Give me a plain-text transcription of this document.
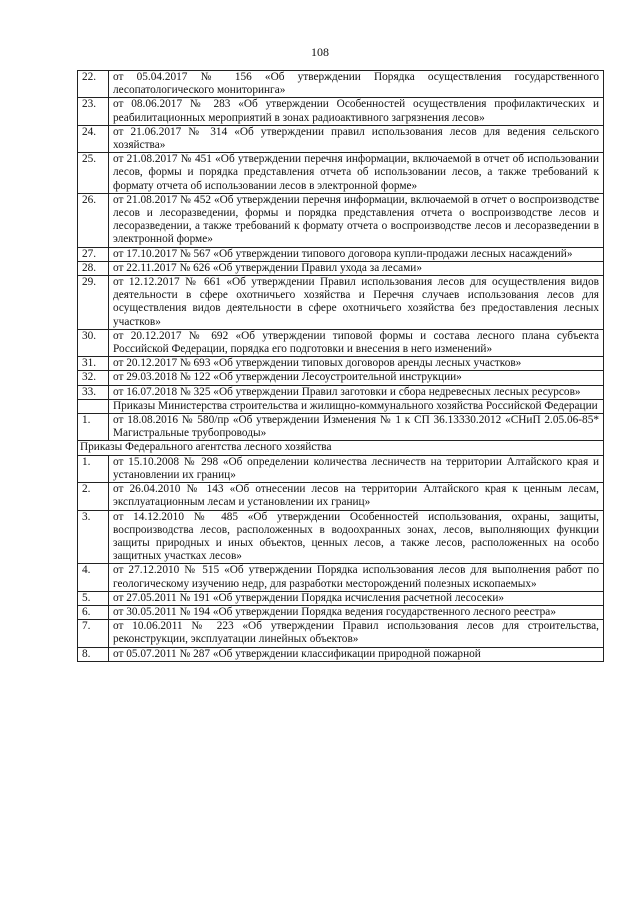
108
22.	от 05.04.2017 № 156 «Об утверждении Порядка осуществления государственного лесопатологического мониторинга»
23.	от 08.06.2017 № 283 «Об утверждении Особенностей осуществления профилактических и реабилитационных мероприятий в зонах радиоактивного загрязнения лесов»
24.	от 21.06.2017 № 314 «Об утверждении правил использования лесов для ведения сельского хозяйства»
25.	от 21.08.2017 № 451 «Об утверждении перечня информации, включаемой в отчет об использовании лесов, формы и порядка представления отчета об использовании лесов, а также требований к формату отчета об использовании лесов в электронной форме»
26.	от 21.08.2017 № 452 «Об утверждении перечня информации, включаемой в отчет о воспроизводстве лесов и лесоразведении, формы и порядка представления отчета о воспроизводстве лесов и лесоразведении, а также требований к формату отчета о воспроизводстве лесов и лесоразведении в электронной форме»
27.	от 17.10.2017 № 567 «Об утверждении типового договора купли-продажи лесных насаждений»
28.	от 22.11.2017 № 626 «Об утверждении Правил ухода за лесами»
29.	от 12.12.2017 № 661 «Об утверждении Правил использования лесов для осуществления видов деятельности в сфере охотничьего хозяйства и Перечня случаев использования лесов для осуществления видов деятельности в сфере охотничьего хозяйства без предоставления лесных участков»
30.	от 20.12.2017 № 692 «Об утверждении типовой формы и состава лесного плана субъекта Российской Федерации, порядка его подготовки и внесения в него изменений»
31.	от 20.12.2017 № 693 «Об утверждении типовых договоров аренды лесных участков»
32.	от 29.03.2018 № 122 «Об утверждении Лесоустроительной инструкции»
33.	от 16.07.2018 № 325 «Об утверждении Правил заготовки и сбора недревесных лесных ресурсов»
	Приказы Министерства строительства и жилищно-коммунального хозяйства Российской Федерации
1.	от 18.08.2016 № 580/пр «Об утверждении Изменения № 1 к СП 36.13330.2012 «СНиП 2.05.06-85* Магистральные трубопроводы»
Приказы Федерального агентства лесного хозяйства	
1.	от 15.10.2008 № 298 «Об определении количества лесничеств на территории Алтайского края и установлении их границ»
2.	от 26.04.2010 № 143 «Об отнесении лесов на территории Алтайского края к ценным лесам, эксплуатационным лесам и установлении их границ»
3.	от 14.12.2010 № 485 «Об утверждении Особенностей использования, охраны, защиты, воспроизводства лесов, расположенных в водоохранных зонах, лесов, выполняющих функции защиты природных и иных объектов, ценных лесов, а также лесов, расположенных на особо защитных участках лесов»
4.	от 27.12.2010 № 515 «Об утверждении Порядка использования лесов для выполнения работ по геологическому изучению недр, для разработки месторождений полезных ископаемых»
5.	от 27.05.2011 № 191 «Об утверждении Порядка исчисления расчетной лесосеки»
6.	от 30.05.2011 № 194 «Об утверждении Порядка ведения государственного лесного реестра»
7.	от 10.06.2011 № 223 «Об утверждении Правил использования лесов для строительства, реконструкции, эксплуатации линейных объектов»
8.	от 05.07.2011 № 287 «Об утверждении классификации природной пожарной
